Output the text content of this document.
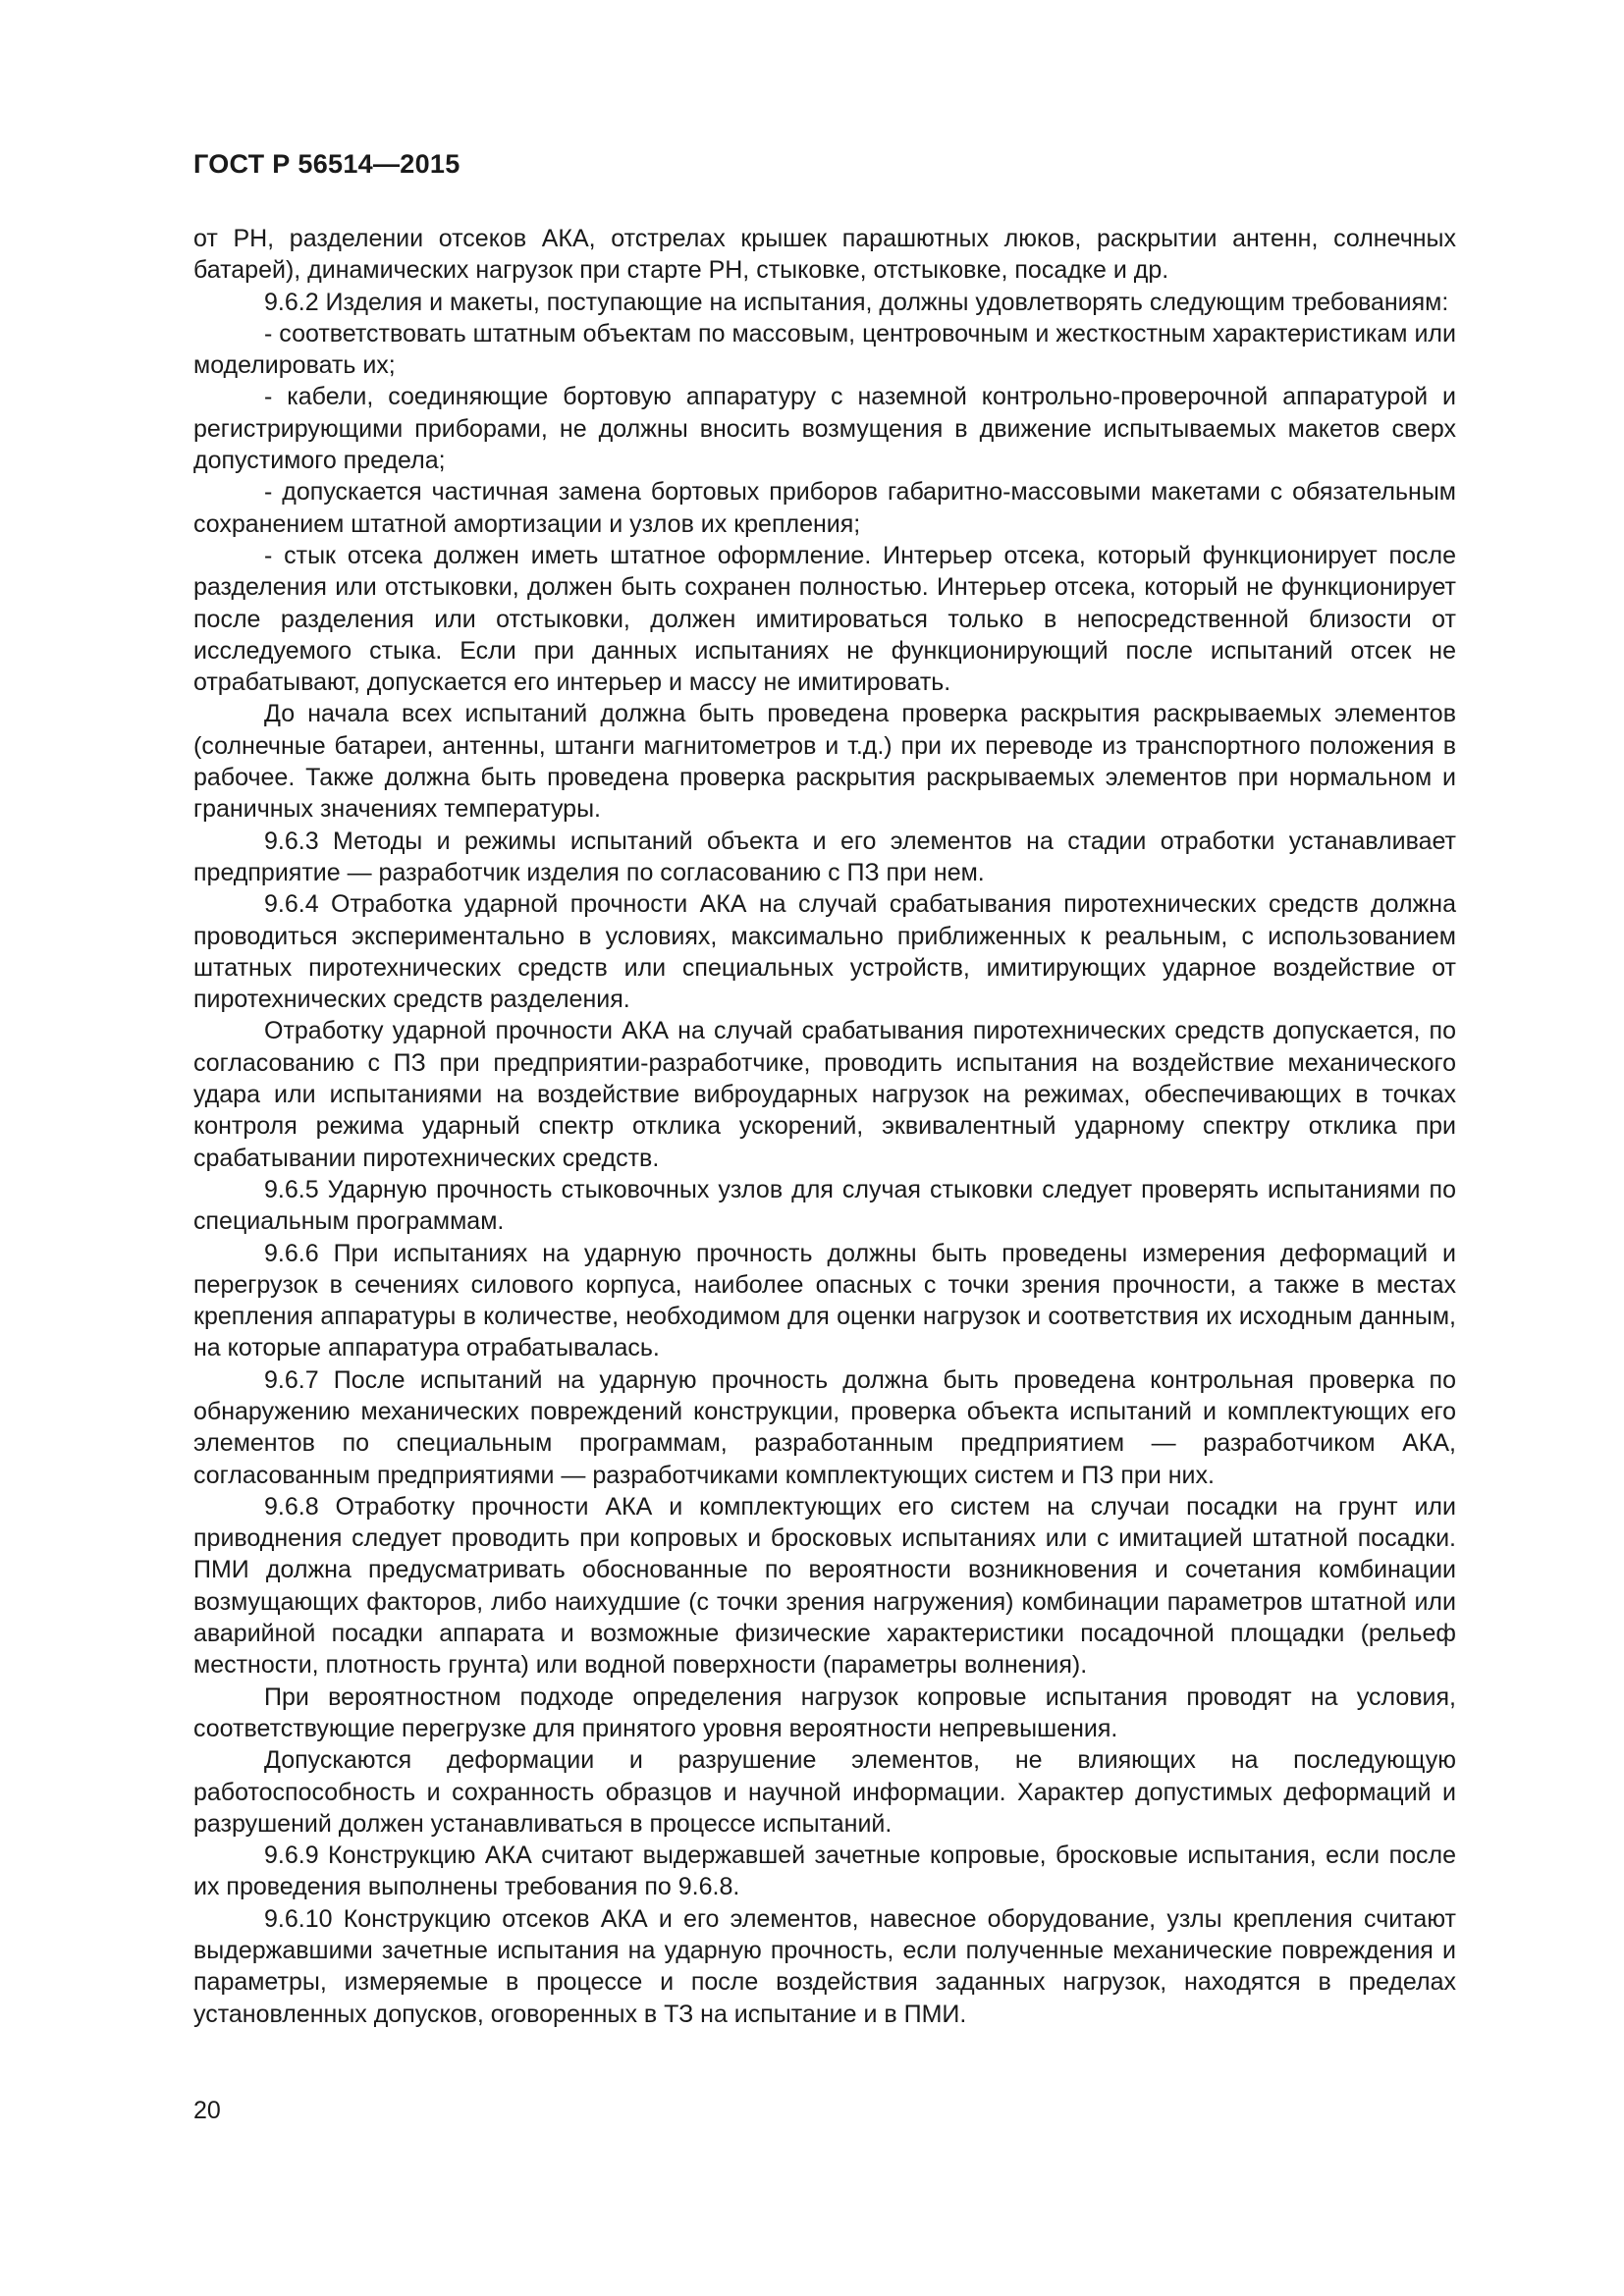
ГОСТ Р 56514—2015

от РН, разделении отсеков АКА, отстрелах крышек парашютных люков, раскрытии антенн, солнечных батарей), динамических нагрузок при старте РН, стыковке, отстыковке, посадке и др.

9.6.2 Изделия и макеты, поступающие на испытания, должны удовлетворять следующим требованиям:

- соответствовать штатным объектам по массовым, центровочным и жесткостным характеристикам или моделировать их;

- кабели, соединяющие бортовую аппаратуру с наземной контрольно-проверочной аппаратурой и регистрирующими приборами, не должны вносить возмущения в движение испытываемых макетов сверх допустимого предела;

- допускается частичная замена бортовых приборов габаритно-массовыми макетами с обязательным сохранением штатной амортизации и узлов их крепления;

- стык отсека должен иметь штатное оформление. Интерьер отсека, который функционирует после разделения или отстыковки, должен быть сохранен полностью. Интерьер отсека, который не функционирует после разделения или отстыковки, должен имитироваться только в непосредственной близости от исследуемого стыка. Если при данных испытаниях не функционирующий после испытаний отсек не отрабатывают, допускается его интерьер и массу не имитировать.

До начала всех испытаний должна быть проведена проверка раскрытия раскрываемых элементов (солнечные батареи, антенны, штанги магнитометров и т.д.) при их переводе из транспортного положения в рабочее. Также должна быть проведена проверка раскрытия раскрываемых элементов при нормальном и граничных значениях температуры.

9.6.3 Методы и режимы испытаний объекта и его элементов на стадии отработки устанавливает предприятие — разработчик изделия по согласованию с ПЗ при нем.

9.6.4 Отработка ударной прочности АКА на случай срабатывания пиротехнических средств должна проводиться экспериментально в условиях, максимально приближенных к реальным, с использованием штатных пиротехнических средств или специальных устройств, имитирующих ударное воздействие от пиротехнических средств разделения.

Отработку ударной прочности АКА на случай срабатывания пиротехнических средств допускается, по согласованию с ПЗ при предприятии-разработчике, проводить испытания на воздействие механического удара или испытаниями на воздействие виброударных нагрузок на режимах, обеспечивающих в точках контроля режима ударный спектр отклика ускорений, эквивалентный ударному спектру отклика при срабатывании пиротехнических средств.

9.6.5 Ударную прочность стыковочных узлов для случая стыковки следует проверять испытаниями по специальным программам.

9.6.6 При испытаниях на ударную прочность должны быть проведены измерения деформаций и перегрузок в сечениях силового корпуса, наиболее опасных с точки зрения прочности, а также в местах крепления аппаратуры в количестве, необходимом для оценки нагрузок и соответствия их исходным данным, на которые аппаратура отрабатывалась.

9.6.7 После испытаний на ударную прочность должна быть проведена контрольная проверка по обнаружению механических повреждений конструкции, проверка объекта испытаний и комплектующих его элементов по специальным программам, разработанным предприятием — разработчиком АКА, согласованным предприятиями — разработчиками комплектующих систем и ПЗ при них.

9.6.8 Отработку прочности АКА и комплектующих его систем на случаи посадки на грунт или приводнения следует проводить при копровых и бросковых испытаниях или с имитацией штатной посадки. ПМИ должна предусматривать обоснованные по вероятности возникновения и сочетания комбинации возмущающих факторов, либо наихудшие (с точки зрения нагружения) комбинации параметров штатной или аварийной посадки аппарата и возможные физические характеристики посадочной площадки (рельеф местности, плотность грунта) или водной поверхности (параметры волнения).

При вероятностном подходе определения нагрузок копровые испытания проводят на условия, соответствующие перегрузке для принятого уровня вероятности непревышения.

Допускаются деформации и разрушение элементов, не влияющих на последующую работоспособность и сохранность образцов и научной информации. Характер допустимых деформаций и разрушений должен устанавливаться в процессе испытаний.

9.6.9 Конструкцию АКА считают выдержавшей зачетные копровые, бросковые испытания, если после их проведения выполнены требования по 9.6.8.

9.6.10 Конструкцию отсеков АКА и его элементов, навесное оборудование, узлы крепления считают выдержавшими зачетные испытания на ударную прочность, если полученные механические повреждения и параметры, измеряемые в процессе и после воздействия заданных нагрузок, находятся в пределах установленных допусков, оговоренных в ТЗ на испытание и в ПМИ.

20
